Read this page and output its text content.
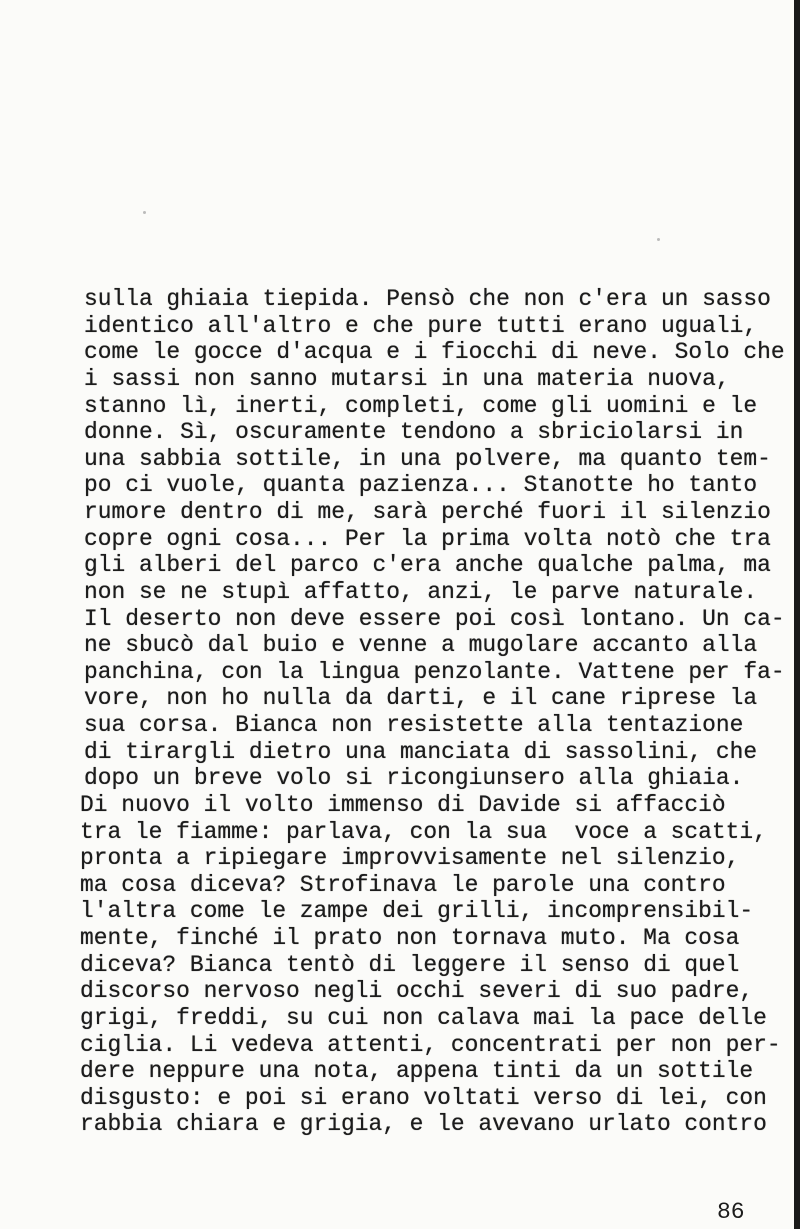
sulla ghiaia tiepida. Pensò che non c'era un sasso
identico all'altro e che pure tutti erano uguali,
come le gocce d'acqua e i fiocchi di neve. Solo che
i sassi non sanno mutarsi in una materia nuova,
stanno lì, inerti, completi, come gli uomini e le
donne. Sì, oscuramente tendono a sbriciolarsi in
una sabbia sottile, in una polvere, ma quanto tem-
po ci vuole, quanta pazienza... Stanotte ho tanto
rumore dentro di me, sarà perché fuori il silenzio
copre ogni cosa... Per la prima volta notò che tra
gli alberi del parco c'era anche qualche palma, ma
non se ne stupì affatto, anzi, le parve naturale.
Il deserto non deve essere poi così lontano. Un ca-
ne sbucò dal buio e venne a mugolare accanto alla
panchina, con la lingua penzolante. Vattene per fa-
vore, non ho nulla da darti, e il cane riprese la
sua corsa. Bianca non resistette alla tentazione
di tirargli dietro una manciata di sassolini, che
dopo un breve volo si ricongiunsero alla ghiaia.
Di nuovo il volto immenso di Davide si affacciò
tra le fiamme: parlava, con la sua  voce a scatti,
pronta a ripiegare improvvisamente nel silenzio,
ma cosa diceva? Strofinava le parole una contro
l'altra come le zampe dei grilli, incomprensibil-
mente, finché il prato non tornava muto. Ma cosa
diceva? Bianca tentò di leggere il senso di quel
discorso nervoso negli occhi severi di suo padre,
grigi, freddi, su cui non calava mai la pace delle
ciglia. Li vedeva attenti, concentrati per non per-
dere neppure una nota, appena tinti da un sottile
disgusto: e poi si erano voltati verso di lei, con
rabbia chiara e grigia, e le avevano urlato contro
86
